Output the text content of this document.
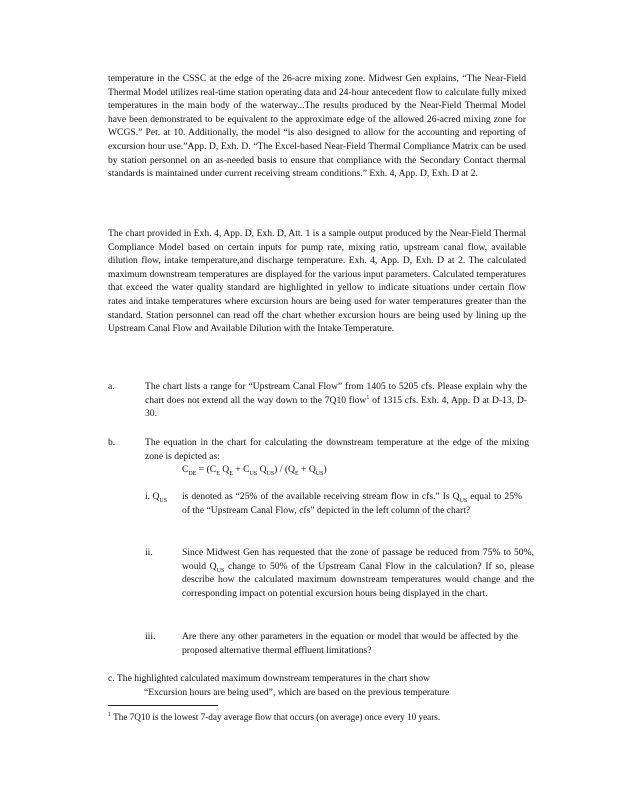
temperature in the CSSC at the edge of the 26-acre mixing zone. Midwest Gen explains, “The Near-Field Thermal Model utilizes real-time station operating data and 24-hour antecedent flow to calculate fully mixed temperatures in the main body of the waterway...The results produced by the Near-Field Thermal Model have been demonstrated to be equivalent to the approximate edge of the allowed 26-acred mixing zone for WCGS.” Pet. at 10. Additionally, the model “is also designed to allow for the accounting and reporting of excursion hour use.”App. D, Exh. D. “The Excel-based Near-Field Thermal Compliance Matrix can be used by station personnel on an as-needed basis to ensure that compliance with the Secondary Contact thermal standards is maintained under current receiving stream conditions.” Exh. 4, App. D, Exh. D at 2.

The chart provided in Exh. 4, App. D, Exh. D, Att. 1 is a sample output produced by the Near-Field Thermal Compliance Model based on certain inputs for pump rate, mixing ratio, upstream canal flow, available dilution flow, intake temperature,and discharge temperature. Exh. 4, App. D, Exh. D at 2. The calculated maximum downstream temperatures are displayed for the various input parameters. Calculated temperatures that exceed the water quality standard are highlighted in yellow to indicate situations under certain flow rates and intake temperatures where excursion hours are being used for water temperatures greater than the standard. Station personnel can read off the chart whether excursion hours are being used by lining up the Upstream Canal Flow and Available Dilution with the Intake Temperature.

a.	The chart lists a range for “Upstream Canal Flow” from 1405 to 5205 cfs. Please explain why the chart does not extend all the way down to the 7Q10 flow$^1$ of 1315 cfs. Exh. 4, App. D at D-13, D-30.

b.	The equation in the chart for calculating the downstream temperature at the edge of the mixing zone is depicted as:

$C_{DE} = (C_E$ $Q_E + C_{US}$ $Q_{US}) / (Q_E + Q_{US})$
i. $Q_{US}$ is denoted as “25% of the available receiving stream flow in cfs.” Is $Q_{US}$ equal to 25% of the “Upstream Canal Flow, cfs” depicted in the left column of the chart?

ii.	Since Midwest Gen has requested that the zone of passage be reduced from 75% to 50%, would $Q_{US}$ change to 50% of the Upstream Canal Flow in the calculation? If so, please describe how the calculated maximum downstream temperatures would change and the corresponding impact on potential excursion hours being displayed in the chart.

iii.	Are there any other parameters in the equation or model that would be affected by the proposed alternative thermal effluent limitations?

c. The highlighted calculated maximum downstream temperatures in the chart show
“Excursion hours are being used”, which are based on the previous temperature

$^1$ The 7Q10 is the lowest 7-day average flow that occurs (on average) once every 10 years.
